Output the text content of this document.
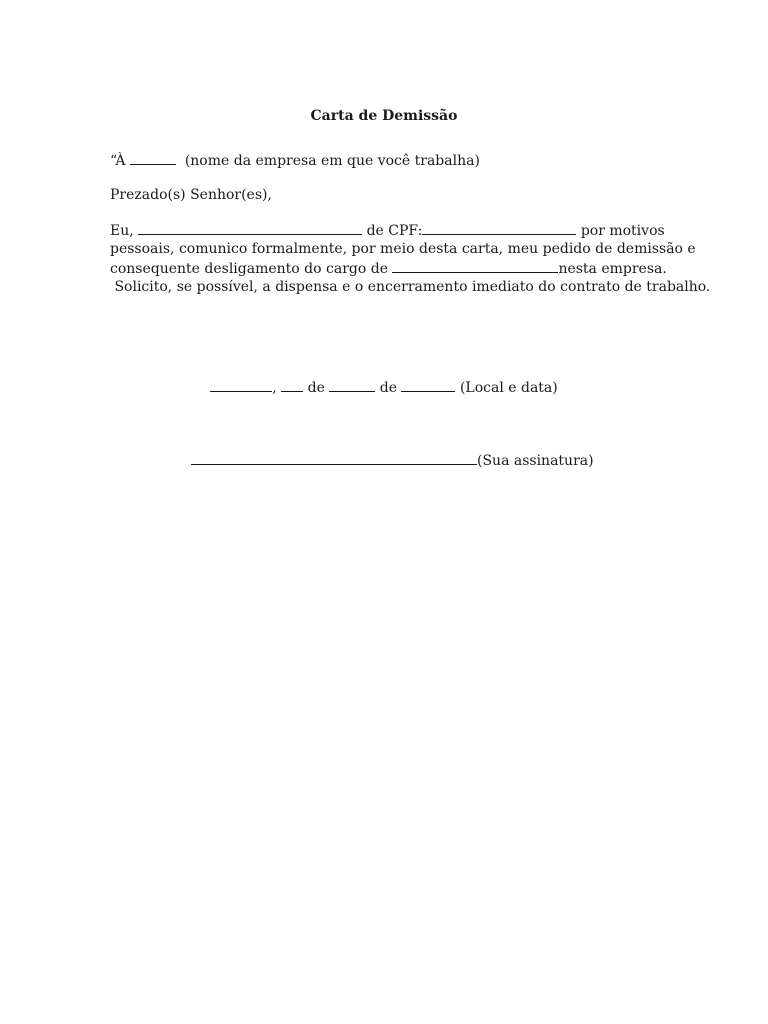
Carta de Demissão
“À	(nome da empresa em que você trabalha)
Prezado(s) Senhor(es),
Eu,	de CPF:	por motivos
pessoais, comunico formalmente, por meio desta carta, meu pedido de demissão e
consequente desligamento do cargo de	nesta empresa.
Solicito, se possível, a dispensa e o encerramento imediato do contrato de trabalho.
, de	de	(Local e data)
(Sua assinatura)
